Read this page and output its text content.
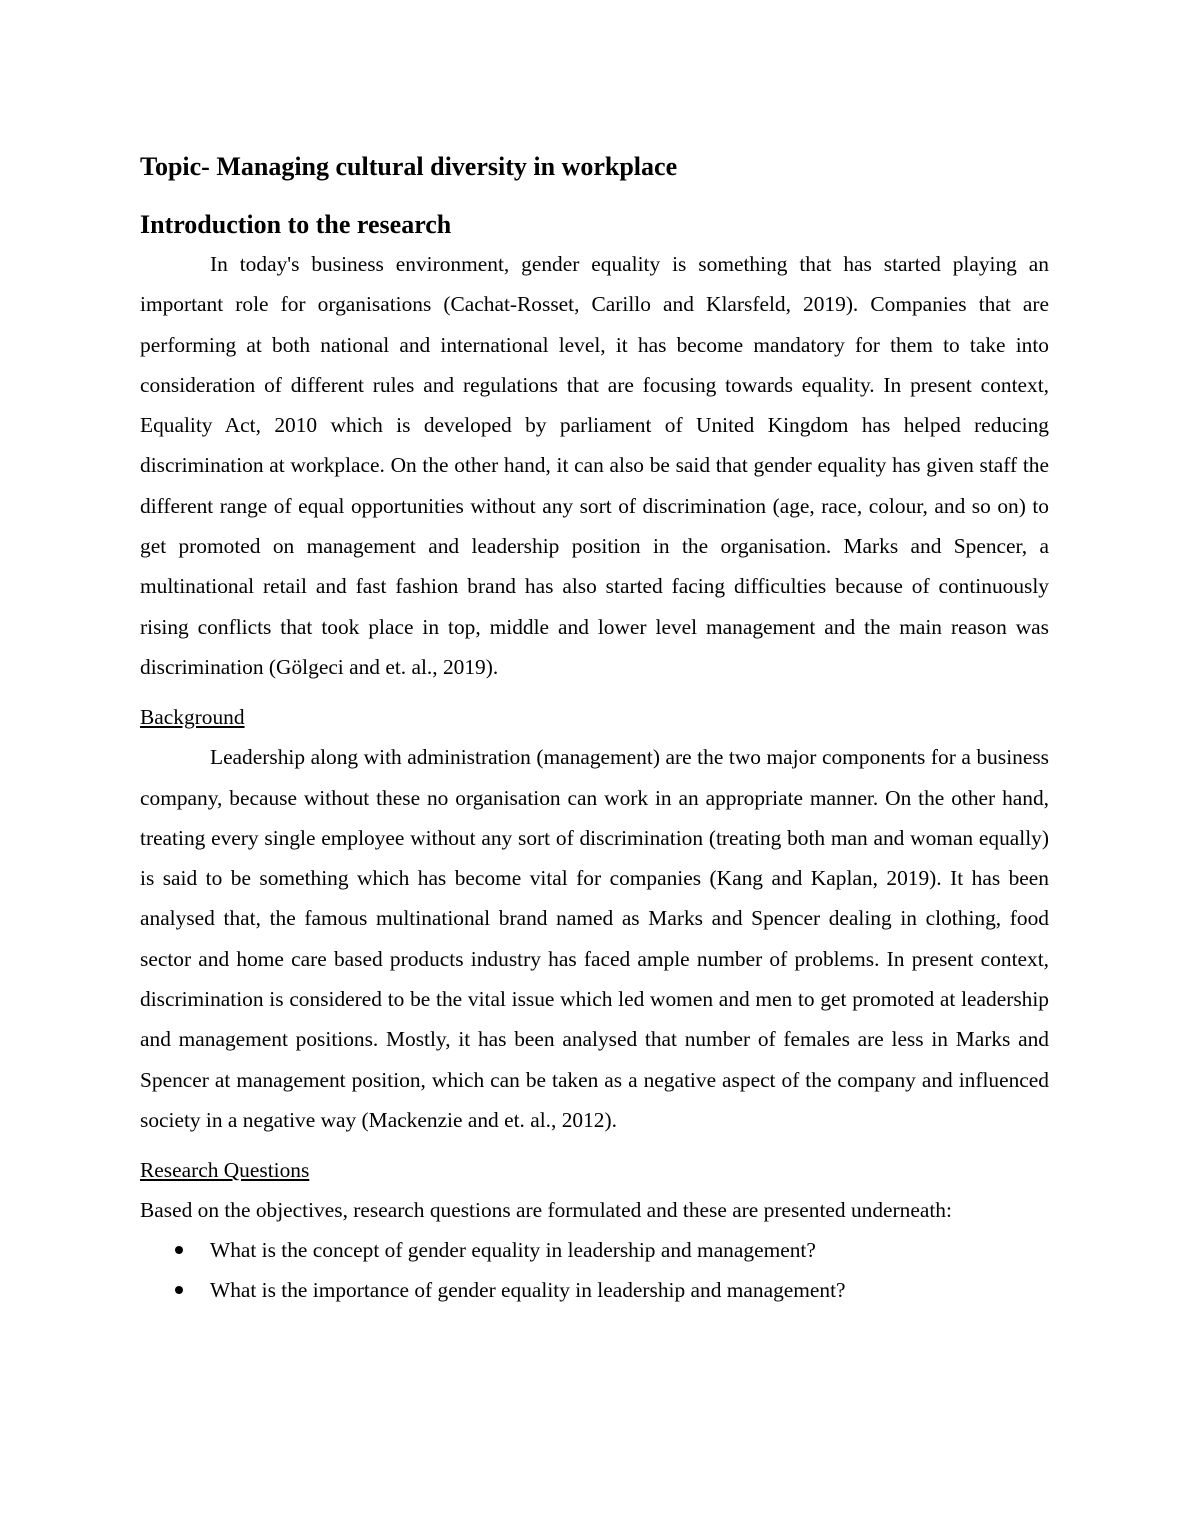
Topic- Managing cultural diversity in workplace
Introduction to the research

In today's business environment, gender equality is something that has started playing an important role for organisations (Cachat-Rosset, Carillo and Klarsfeld, 2019). Companies that are performing at both national and international level, it has become mandatory for them to take into consideration of different rules and regulations that are focusing towards equality. In present context, Equality Act, 2010 which is developed by parliament of United Kingdom has helped reducing discrimination at workplace. On the other hand, it can also be said that gender equality has given staff the different range of equal opportunities without any sort of discrimination (age, race, colour, and so on) to get promoted on management and leadership position in the organisation. Marks and Spencer, a multinational retail and fast fashion brand has also started facing difficulties because of continuously rising conflicts that took place in top, middle and lower level management and the main reason was discrimination (Gölgeci and et. al., 2019).

Background

Leadership along with administration (management) are the two major components for a business company, because without these no organisation can work in an appropriate manner. On the other hand, treating every single employee without any sort of discrimination (treating both man and woman equally) is said to be something which has become vital for companies (Kang and Kaplan, 2019). It has been analysed that, the famous multinational brand named as Marks and Spencer dealing in clothing, food sector and home care based products industry has faced ample number of problems. In present context, discrimination is considered to be the vital issue which led women and men to get promoted at leadership and management positions. Mostly, it has been analysed that number of females are less in Marks and Spencer at management position, which can be taken as a negative aspect of the company and influenced society in a negative way (Mackenzie and et. al., 2012).

Research Questions

Based on the objectives, research questions are formulated and these are presented underneath:

What is the concept of gender equality in leadership and management?
What is the importance of gender equality in leadership and management?
